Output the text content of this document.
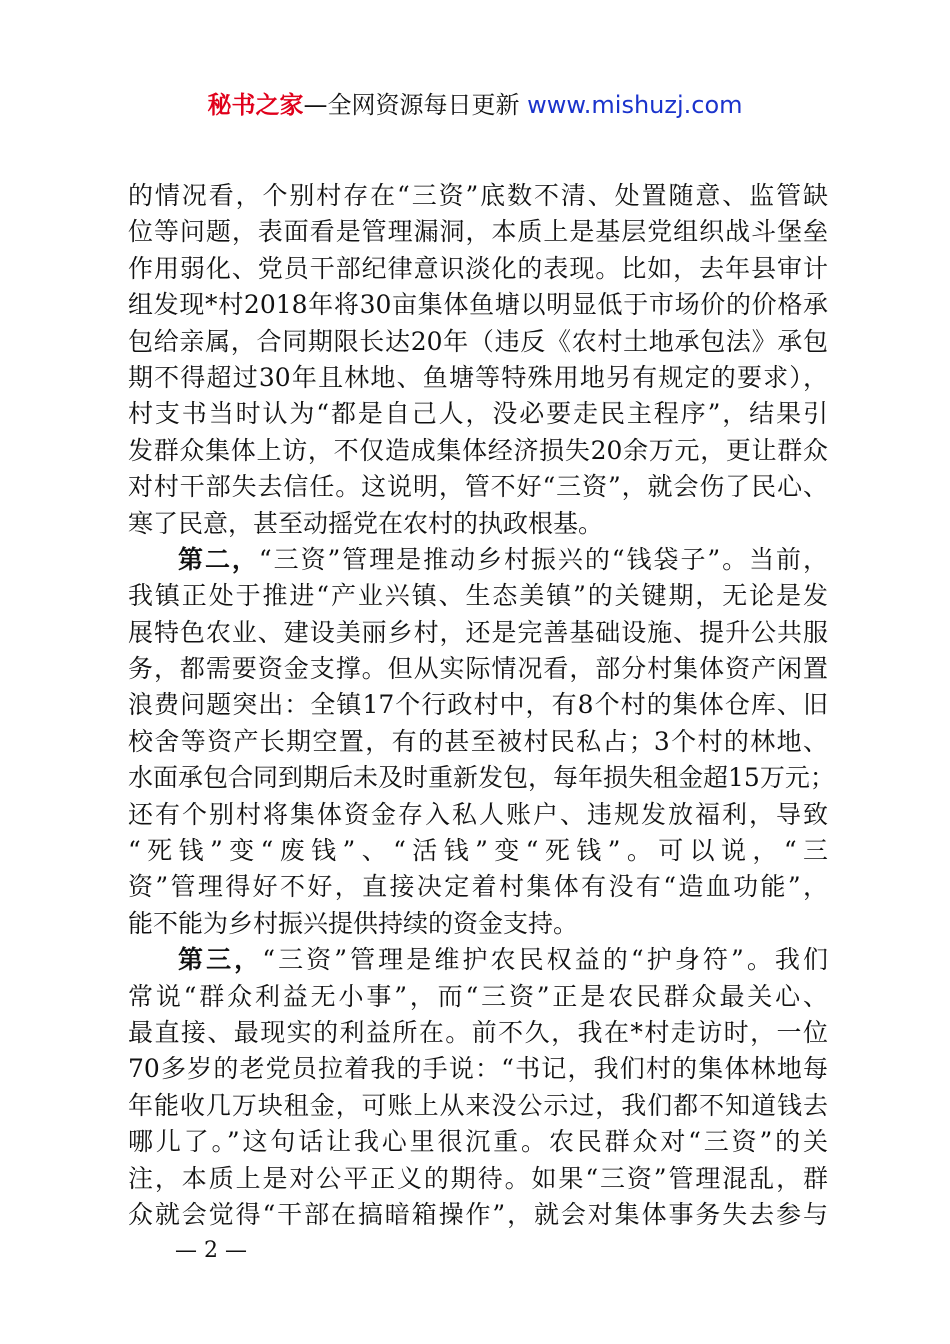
秘书之家—全网资源每日更新 www.mishuzj.com
的情况看，个别村存在“三资”底数不清、处置随意、监管缺
位等问题，表面看是管理漏洞，本质上是基层党组织战斗堡垒
作用弱化、党员干部纪律意识淡化的表现。比如，去年县审计
组发现*村2018年将30亩集体鱼塘以明显低于市场价的价格承
包给亲属，合同期限长达20年（违反《农村土地承包法》承包
期不得超过30年且林地、鱼塘等特殊用地另有规定的要求），
村支书当时认为“都是自己人，没必要走民主程序”，结果引
发群众集体上访，不仅造成集体经济损失20余万元，更让群众
对村干部失去信任。这说明，管不好“三资”，就会伤了民心、
寒了民意，甚至动摇党在农村的执政根基。
第二，“三资”管理是推动乡村振兴的“钱袋子”。当前，
我镇正处于推进“产业兴镇、生态美镇”的关键期，无论是发
展特色农业、建设美丽乡村，还是完善基础设施、提升公共服
务，都需要资金支撑。但从实际情况看，部分村集体资产闲置
浪费问题突出：全镇17个行政村中，有8个村的集体仓库、旧
校舍等资产长期空置，有的甚至被村民私占；3个村的林地、
水面承包合同到期后未及时重新发包，每年损失租金超15万元；
还有个别村将集体资金存入私人账户、违规发放福利，导致
“死钱”变“废钱”、“活钱”变“死钱”。可以说，“三
资”管理得好不好，直接决定着村集体有没有“造血功能”，
能不能为乡村振兴提供持续的资金支持。
第三，“三资”管理是维护农民权益的“护身符”。我们
常说“群众利益无小事”，而“三资”正是农民群众最关心、
最直接、最现实的利益所在。前不久，我在*村走访时，一位
70多岁的老党员拉着我的手说：“书记，我们村的集体林地每
年能收几万块租金，可账上从来没公示过，我们都不知道钱去
哪儿了。”这句话让我心里很沉重。农民群众对“三资”的关
注，本质上是对公平正义的期待。如果“三资”管理混乱，群
众就会觉得“干部在搞暗箱操作”，就会对集体事务失去参与
— 2 —
